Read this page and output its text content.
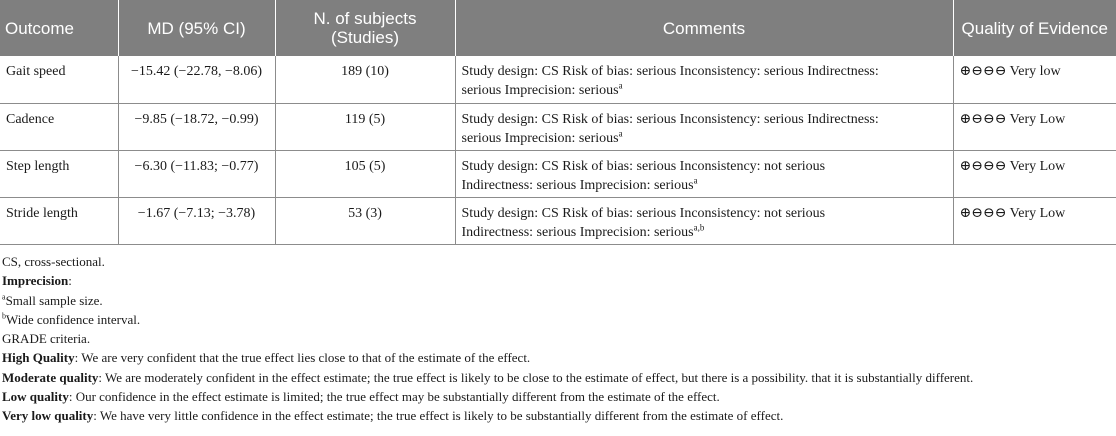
Outcome	MD (95% CI)	N. of subjects (Studies)	Comments	Quality of Evidence
Gait speed	−15.42 (−22.78, −8.06)	189 (10)	Study design: CS Risk of bias: serious Inconsistency: serious Indirectness:
serious Imprecision: serious$^a$	⊕⊖⊖⊖ Very low
Cadence	−9.85 (−18.72, −0.99)	119 (5)	Study design: CS Risk of bias: serious Inconsistency: serious Indirectness:
serious Imprecision: serious$^a$	⊕⊖⊖⊖ Very Low
Step length	−6.30 (−11.83; −0.77)	105 (5)	Study design: CS Risk of bias: serious Inconsistency: not serious
Indirectness: serious Imprecision: serious$^a$	⊕⊖⊖⊖ Very Low
Stride length	−1.67 (−7.13; −3.78)	53 (3)	Study design: CS Risk of bias: serious Inconsistency: not serious
Indirectness: serious Imprecision: serious$^{a,b}$	⊕⊖⊖⊖ Very Low
CS, cross-sectional.
Imprecision:
$^a$Small sample size.
$^b$Wide confidence interval.
GRADE criteria.
High Quality: We are very confident that the true effect lies close to that of the estimate of the effect.
Moderate quality: We are moderately confident in the effect estimate; the true effect is likely to be close to the estimate of effect, but there is a possibility. that it is substantially different.
Low quality: Our confidence in the effect estimate is limited; the true effect may be substantially different from the estimate of the effect.
Very low quality: We have very little confidence in the effect estimate; the true effect is likely to be substantially different from the estimate of effect.
